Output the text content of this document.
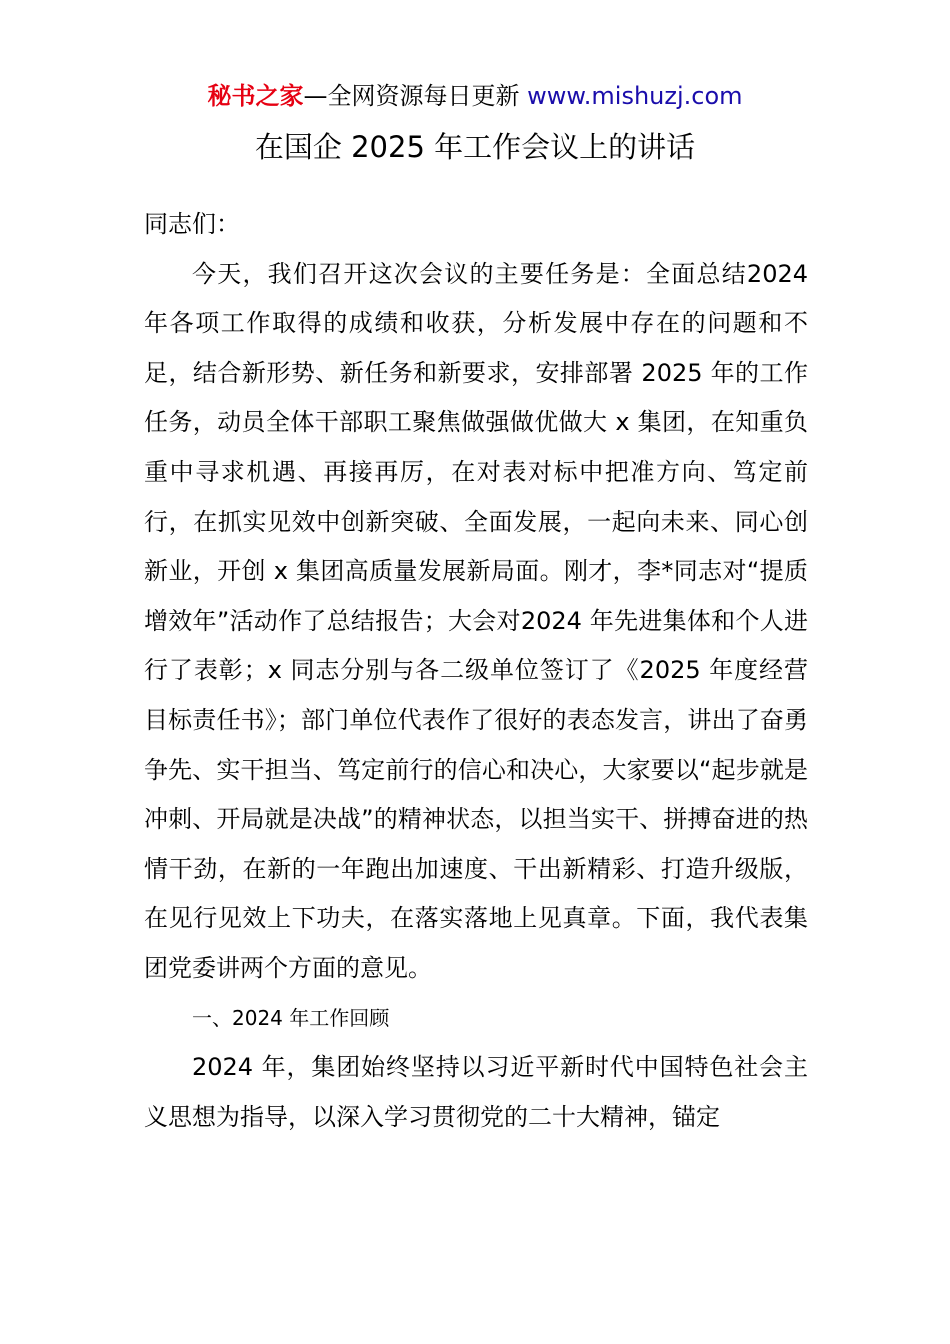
秘书之家—全网资源每日更新 www.mishuzj.com
在国企 2025 年工作会议上的讲话

同志们：

今天，我们召开这次会议的主要任务是：全面总结2024 年各项工作取得的成绩和收获，分析发展中存在的问题和不足，结合新形势、新任务和新要求，安排部署 2025 年的工作任务，动员全体干部职工聚焦做强做优做大 x 集团，在知重负重中寻求机遇、再接再厉，在对表对标中把准方向、笃定前行，在抓实见效中创新突破、全面发展，一起向未来、同心创新业，开创 x 集团高质量发展新局面。刚才，李*同志对“提质增效年”活动作了总结报告；大会对2024 年先进集体和个人进行了表彰；x 同志分别与各二级单位签订了《2025 年度经营目标责任书》；部门单位代表作了很好的表态发言，讲出了奋勇争先、实干担当、笃定前行的信心和决心，大家要以“起步就是冲刺、开局就是决战”的精神状态，以担当实干、拼搏奋进的热情干劲，在新的一年跑出加速度、干出新精彩、打造升级版，在见行见效上下功夫，在落实落地上见真章。下面，我代表集团党委讲两个方面的意见。

一、2024 年工作回顾

2024 年，集团始终坚持以习近平新时代中国特色社会主义思想为指导，以深入学习贯彻党的二十大精神，锚定
